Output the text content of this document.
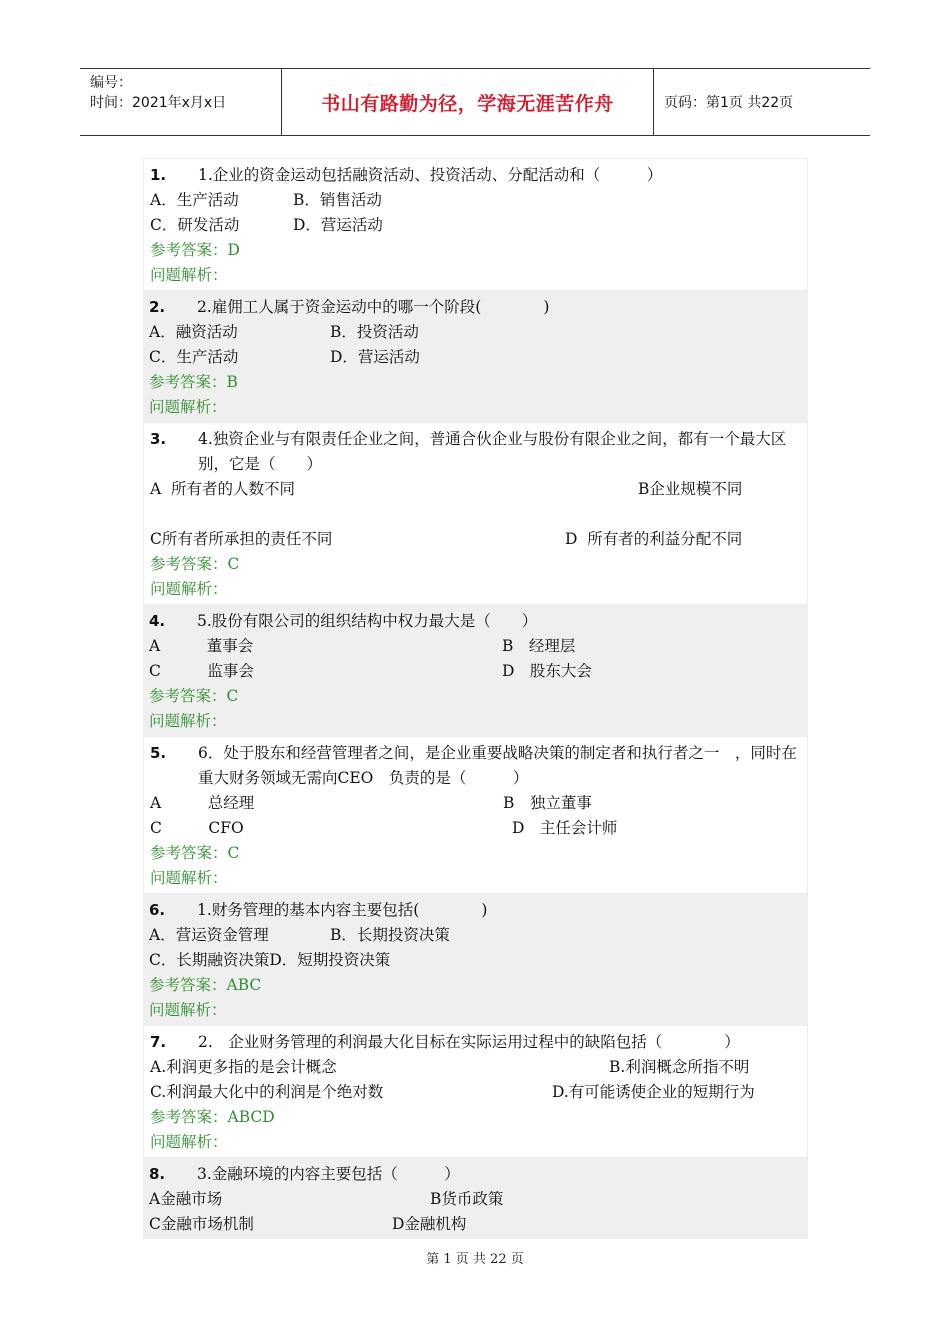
编号：
时间：2021年x月x日	书山有路勤为径，学海无涯苦作舟	页码：第1页 共22页
1. 1.企业的资金运动包括融资活动、投资活动、分配活动和（　　　）
A．生产活动	B．销售活动
C．研发活动	D．营运活动
参考答案：D
问题解析：
2. 2.雇佣工人属于资金运动中的哪一个阶段(　　　　)
A．融资活动	B．投资活动
C．生产活动	D．营运活动
参考答案：B
问题解析：
3. 4.独资企业与有限责任企业之间，普通合伙企业与股份有限企业之间，都有一个最大区别，它是（　　）
A  所有者的人数不同	B企业规模不同
C所有者所承担的责任不同	D  所有者的利益分配不同
参考答案：C
问题解析：
4. 5.股份有限公司的组织结构中权力最大是（　　）
A　　　董事会	B　经理层
C　　　监事会	D　股东大会
参考答案：C
问题解析：
5. 6．处于股东和经营管理者之间，是企业重要战略决策的制定者和执行者之一　，同时在重大财务领域无需向CEO　负责的是（　　　）
A　　　总经理	B　独立董事
C　　　CFO	D　主任会计师
参考答案：C
问题解析：
6. 1.财务管理的基本内容主要包括(　　　　)
A．营运资金管理	B．长期投资决策
C．长期融资决策D．短期投资决策
参考答案：ABC
问题解析：
7. 2.　企业财务管理的利润最大化目标在实际运用过程中的缺陷包括（　　　　）
A.利润更多指的是会计概念	B.利润概念所指不明
C.利润最大化中的利润是个绝对数	D.有可能诱使企业的短期行为
参考答案：ABCD
问题解析：
8. 3.金融环境的内容主要包括（　　　）
A金融市场	B货币政策
C金融市场机制	D金融机构
第 1 页 共 22 页
